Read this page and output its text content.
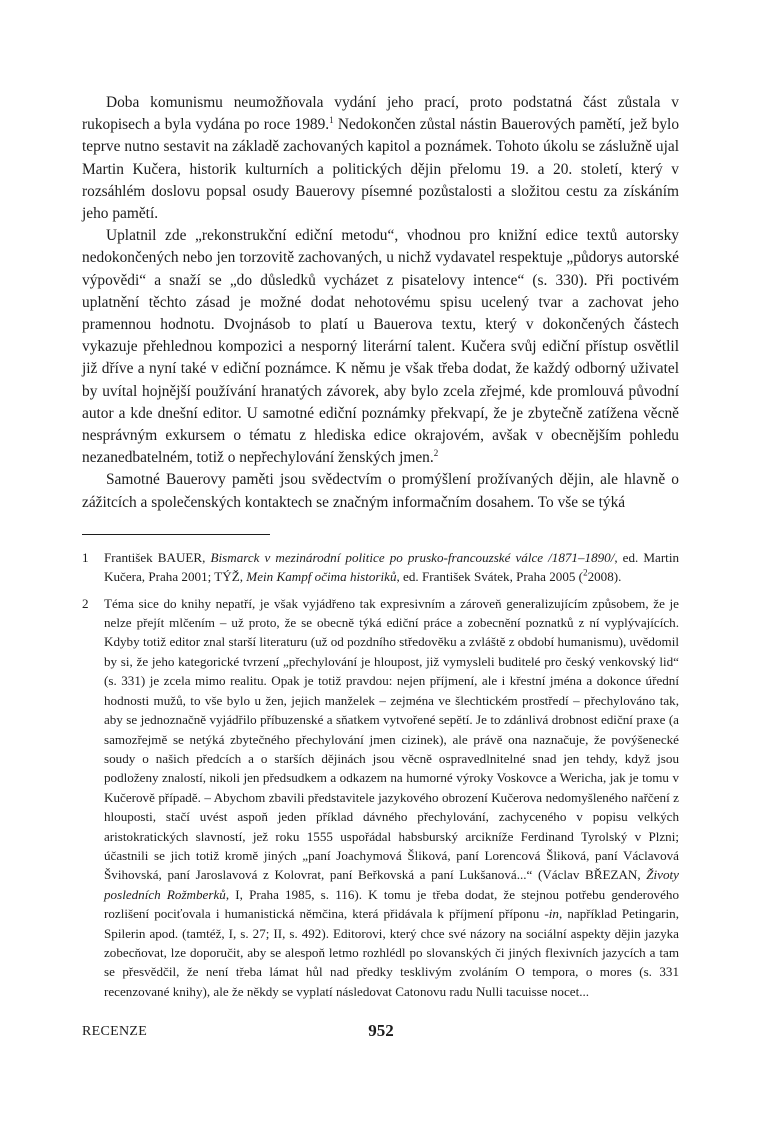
Doba komunismu neumožňovala vydání jeho prací, proto podstatná část zůstala v rukopisech a byla vydána po roce 1989.$^1$ Nedokončen zůstal nástin Bauerových pamětí, jež bylo teprve nutno sestavit na základě zachovaných kapitol a poznámek. Tohoto úkolu se záslužně ujal Martin Kučera, historik kulturních a politických dějin přelomu 19. a 20. století, který v rozsáhlém doslovu popsal osudy Bauerovy písemné pozůstalosti a složitou cestu za získáním jeho pamětí.

Uplatnil zde „rekonstrukční ediční metodu“, vhodnou pro knižní edice textů autorsky nedokončených nebo jen torzovitě zachovaných, u nichž vydavatel respektuje „půdorys autorské výpovědi“ a snaží se „do důsledků vycházet z pisatelovy intence“ (s. 330). Při poctivém uplatnění těchto zásad je možné dodat nehotovému spisu ucelený tvar a zachovat jeho pramennou hodnotu. Dvojnásob to platí u Bauerova textu, který v dokončených částech vykazuje přehlednou kompozici a nesporný literární talent. Kučera svůj ediční přístup osvětlil již dříve a nyní také v ediční poznámce. K němu je však třeba dodat, že každý odborný uživatel by uvítal hojnější používání hranatých závorek, aby bylo zcela zřejmé, kde promlouvá původní autor a kde dnešní editor. U samotné ediční poznámky překvapí, že je zbytečně zatížena věcně nesprávným exkursem o tématu z hlediska edice okrajovém, avšak v obecnějším pohledu nezanedbatelném, totiž o nepřechylování ženských jmen.$^2$

Samotné Bauerovy paměti jsou svědectvím o promýšlení prožívaných dějin, ale hlavně o zážitcích a společenských kontaktech se značným informačním dosahem. To vše se týká

1	František BAUER, Bismarck v mezinárodní politice po prusko-francouzské válce /1871–1890/, ed. Martin Kučera, Praha 2001; TÝŽ, Mein Kampf očima historiků, ed. František Svátek, Praha 2005 ($^2$2008).
2	Téma sice do knihy nepatří, je však vyjádřeno tak expresivním a zároveň generalizujícím způsobem, že je nelze přejít mlčením – už proto, že se obecně týká ediční práce a zobecnění poznatků z ní vyplývajících. Kdyby totiž editor znal starší literaturu (už od pozdního středověku a zvláště z období humanismu), uvědomil by si, že jeho kategorické tvrzení „přechylování je hloupost, již vymysleli buditelé pro český venkovský lid“ (s. 331) je zcela mimo realitu. Opak je totiž pravdou: nejen příjmení, ale i křestní jména a dokonce úřední hodnosti mužů, to vše bylo u žen, jejich manželek – zejména ve šlechtickém prostředí – přechylováno tak, aby se jednoznačně vyjádřilo příbuzenské a sňatkem vytvořené sepětí. Je to zdánlivá drobnost ediční praxe (a samozřejmě se netýká zbytečného přechylování jmen cizinek), ale právě ona naznačuje, že povýšenecké soudy o našich předcích a o starších dějinách jsou věcně ospravedlnitelné snad jen tehdy, když jsou podloženy znalostí, nikoli jen předsudkem a odkazem na humorné výroky Voskovce a Wericha, jak je tomu v Kučerově případě. – Abychom zbavili představitele jazykového obrození Kučerova nedomyšleného nařčení z hlouposti, stačí uvést aspoň jeden příklad dávného přechylování, zachyceného v popisu velkých aristokratických slavností, jež roku 1555 uspořádal habsburský arcikníže Ferdinand Tyrolský v Plzni; účastnili se jich totiž kromě jiných „paní Joachymová Šliková, paní Lorencová Šliková, paní Václavová Švihovská, paní Jaroslavová z Kolovrat, paní Beřkovská a paní Lukšanová...“ (Václav BŘEZAN, Životy posledních Rožmberků, I, Praha 1985, s. 116). K tomu je třeba dodat, že stejnou potřebu genderového rozlišení pociťovala i humanistická němčina, která přidávala k příjmení příponu -in, například Petingarin, Spilerin apod. (tamtéž, I, s. 27; II, s. 492). Editorovi, který chce své názory na sociální aspekty dějin jazyka zobecňovat, lze doporučit, aby se alespoň letmo rozhlédl po slovanských či jiných flexivních jazycích a tam se přesvědčil, že není třeba lámat hůl nad předky tesklivým zvoláním O tempora, o mores (s. 331 recenzované knihy), ale že někdy se vyplatí následovat Catonovu radu Nulli tacuisse nocet...
RECENZE	952
